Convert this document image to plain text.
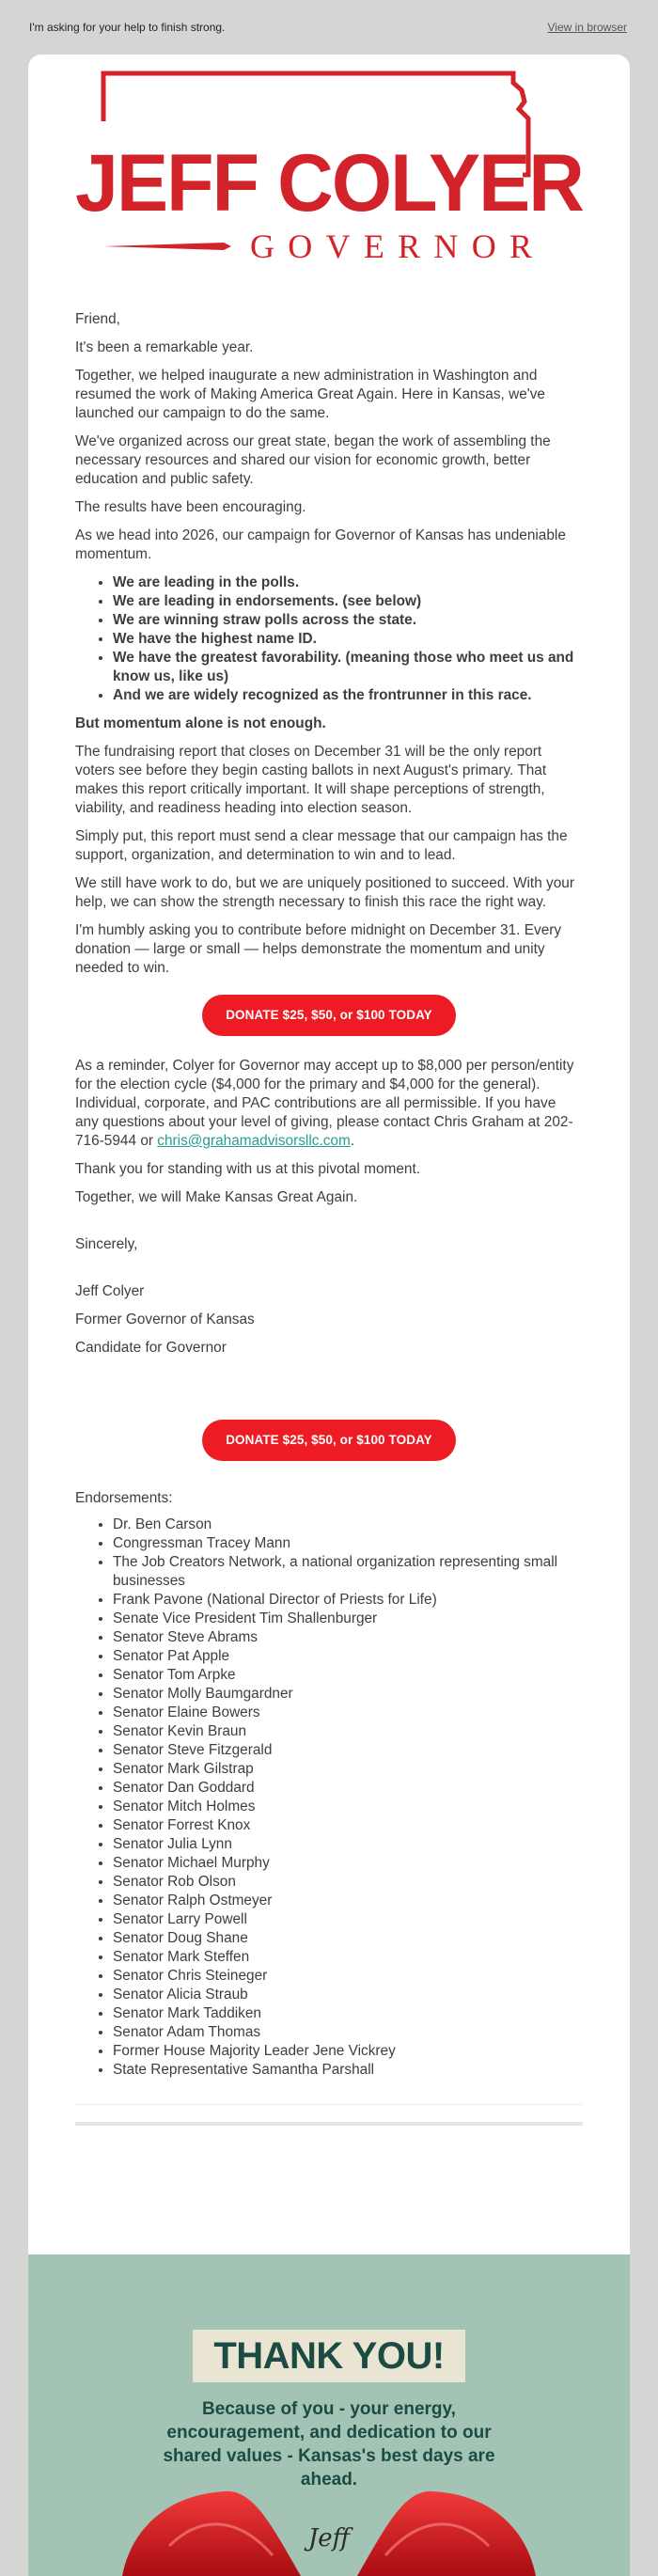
I'm asking for your help to finish strong.	View in browser
JEFF COLYER
GOVERNOR

Friend,

It's been a remarkable year.

Together, we helped inaugurate a new administration in Washington and resumed the work of Making America Great Again. Here in Kansas, we've launched our campaign to do the same.

We've organized across our great state, began the work of assembling the necessary resources and shared our vision for economic growth, better education and public safety.

The results have been encouraging.

As we head into 2026, our campaign for Governor of Kansas has undeniable momentum.

• We are leading in the polls.
• We are leading in endorsements. (see below)
• We are winning straw polls across the state.
• We have the highest name ID.
• We have the greatest favorability. (meaning those who meet us and know us, like us)
• And we are widely recognized as the frontrunner in this race.

But momentum alone is not enough.

The fundraising report that closes on December 31 will be the only report voters see before they begin casting ballots in next August's primary. That makes this report critically important. It will shape perceptions of strength, viability, and readiness heading into election season.

Simply put, this report must send a clear message that our campaign has the support, organization, and determination to win and to lead.

We still have work to do, but we are uniquely positioned to succeed. With your help, we can show the strength necessary to finish this race the right way.

I'm humbly asking you to contribute before midnight on December 31. Every donation — large or small — helps demonstrate the momentum and unity needed to win.

DONATE $25, $50, or $100 TODAY

As a reminder, Colyer for Governor may accept up to $8,000 per person/entity for the election cycle ($4,000 for the primary and $4,000 for the general). Individual, corporate, and PAC contributions are all permissible. If you have any questions about your level of giving, please contact Chris Graham at 202-716-5944 or chris@grahamadvisorsllc.com.

Thank you for standing with us at this pivotal moment.

Together, we will Make Kansas Great Again.

Sincerely,

Jeff Colyer

Former Governor of Kansas

Candidate for Governor

DONATE $25, $50, or $100 TODAY

Endorsements:

• Dr. Ben Carson
• Congressman Tracey Mann
• The Job Creators Network, a national organization representing small businesses
• Frank Pavone (National Director of Priests for Life)
• Senate Vice President Tim Shallenburger
• Senator Steve Abrams
• Senator Pat Apple
• Senator Tom Arpke
• Senator Molly Baumgardner
• Senator Elaine Bowers
• Senator Kevin Braun
• Senator Steve Fitzgerald
• Senator Mark Gilstrap
• Senator Dan Goddard
• Senator Mitch Holmes
• Senator Forrest Knox
• Senator Julia Lynn
• Senator Michael Murphy
• Senator Rob Olson
• Senator Ralph Ostmeyer
• Senator Larry Powell
• Senator Doug Shane
• Senator Mark Steffen
• Senator Chris Steineger
• Senator Alicia Straub
• Senator Mark Taddiken
• Senator Adam Thomas
• Former House Majority Leader Jene Vickrey
• State Representative Samantha Parshall
THANK YOU!
Because of you - your energy, encouragement, and dedication to our shared values - Kansas's best days are ahead.
Jeff
